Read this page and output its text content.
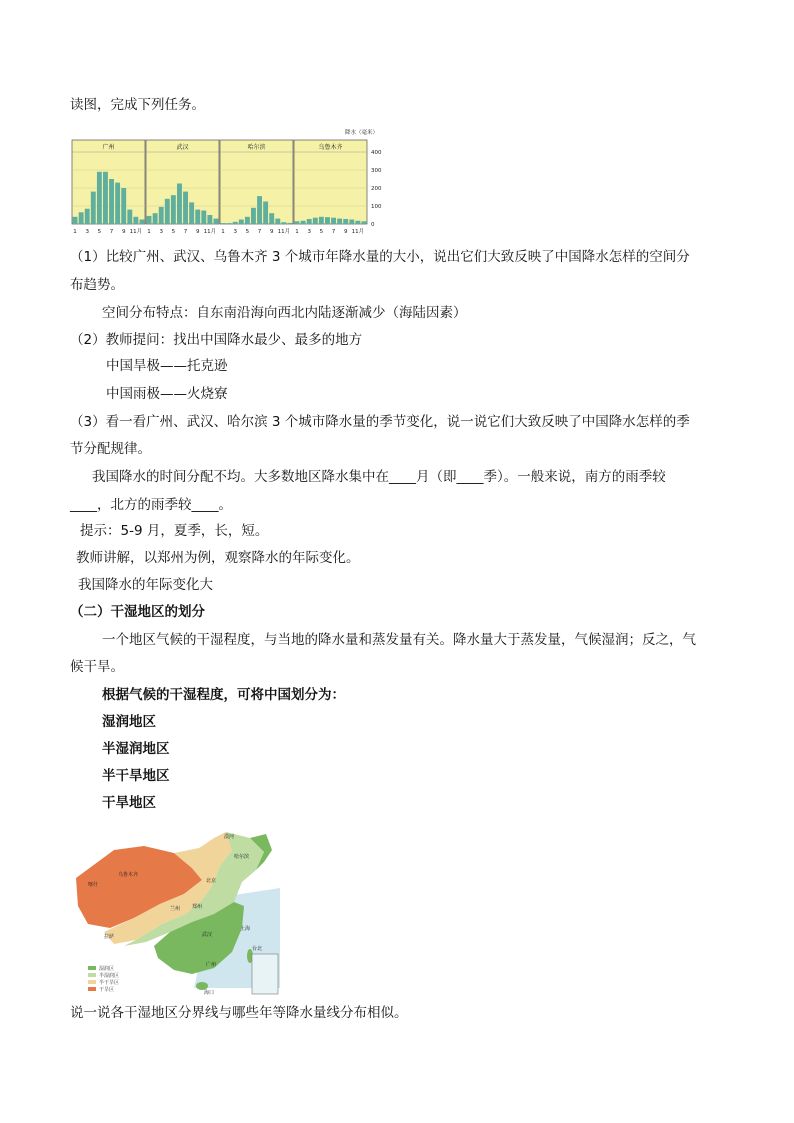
读图，完成下列任务。
广州
1 3 5 7 9 11月
武汉
1 3 5 7 9 11月
哈尔滨
1 3 5 7 9 11月
乌鲁木齐
1 3 5 7 9 11月
400
300
200
100
0
降水（毫米）
（1）比较广州、武汉、乌鲁木齐 3 个城市年降水量的大小，说出它们大致反映了中国降水怎样的空间分
布趋势。
空间分布特点：自东南沿海向西北内陆逐渐减少（海陆因素）
（2）教师提问：找出中国降水最少、最多的地方
中国旱极——托克逊
中国雨极——火烧寮
（3）看一看广州、武汉、哈尔滨 3 个城市降水量的季节变化，说一说它们大致反映了中国降水怎样的季
节分配规律。
我国降水的时间分配不均。大多数地区降水集中在____月（即____季）。一般来说，南方的雨季较
____，北方的雨季较____。
提示：5-9 月，夏季，长，短。
教师讲解，以郑州为例，观察降水的年际变化。
我国降水的年际变化大
（二）干湿地区的划分
一个地区气候的干湿程度，与当地的降水量和蒸发量有关。降水量大于蒸发量，气候湿润；反之，气
候干旱。
根据气候的干湿程度，可将中国划分为：
湿润地区
半湿润地区
半干旱地区
干旱地区
湿润区
半湿润区
半干旱区
干旱区
漠河
哈尔滨
乌鲁木齐
喀什
北京
兰州 郑州
拉萨	武汉
上海
广州
台北
海口
说一说各干湿地区分界线与哪些年等降水量线分布相似。
